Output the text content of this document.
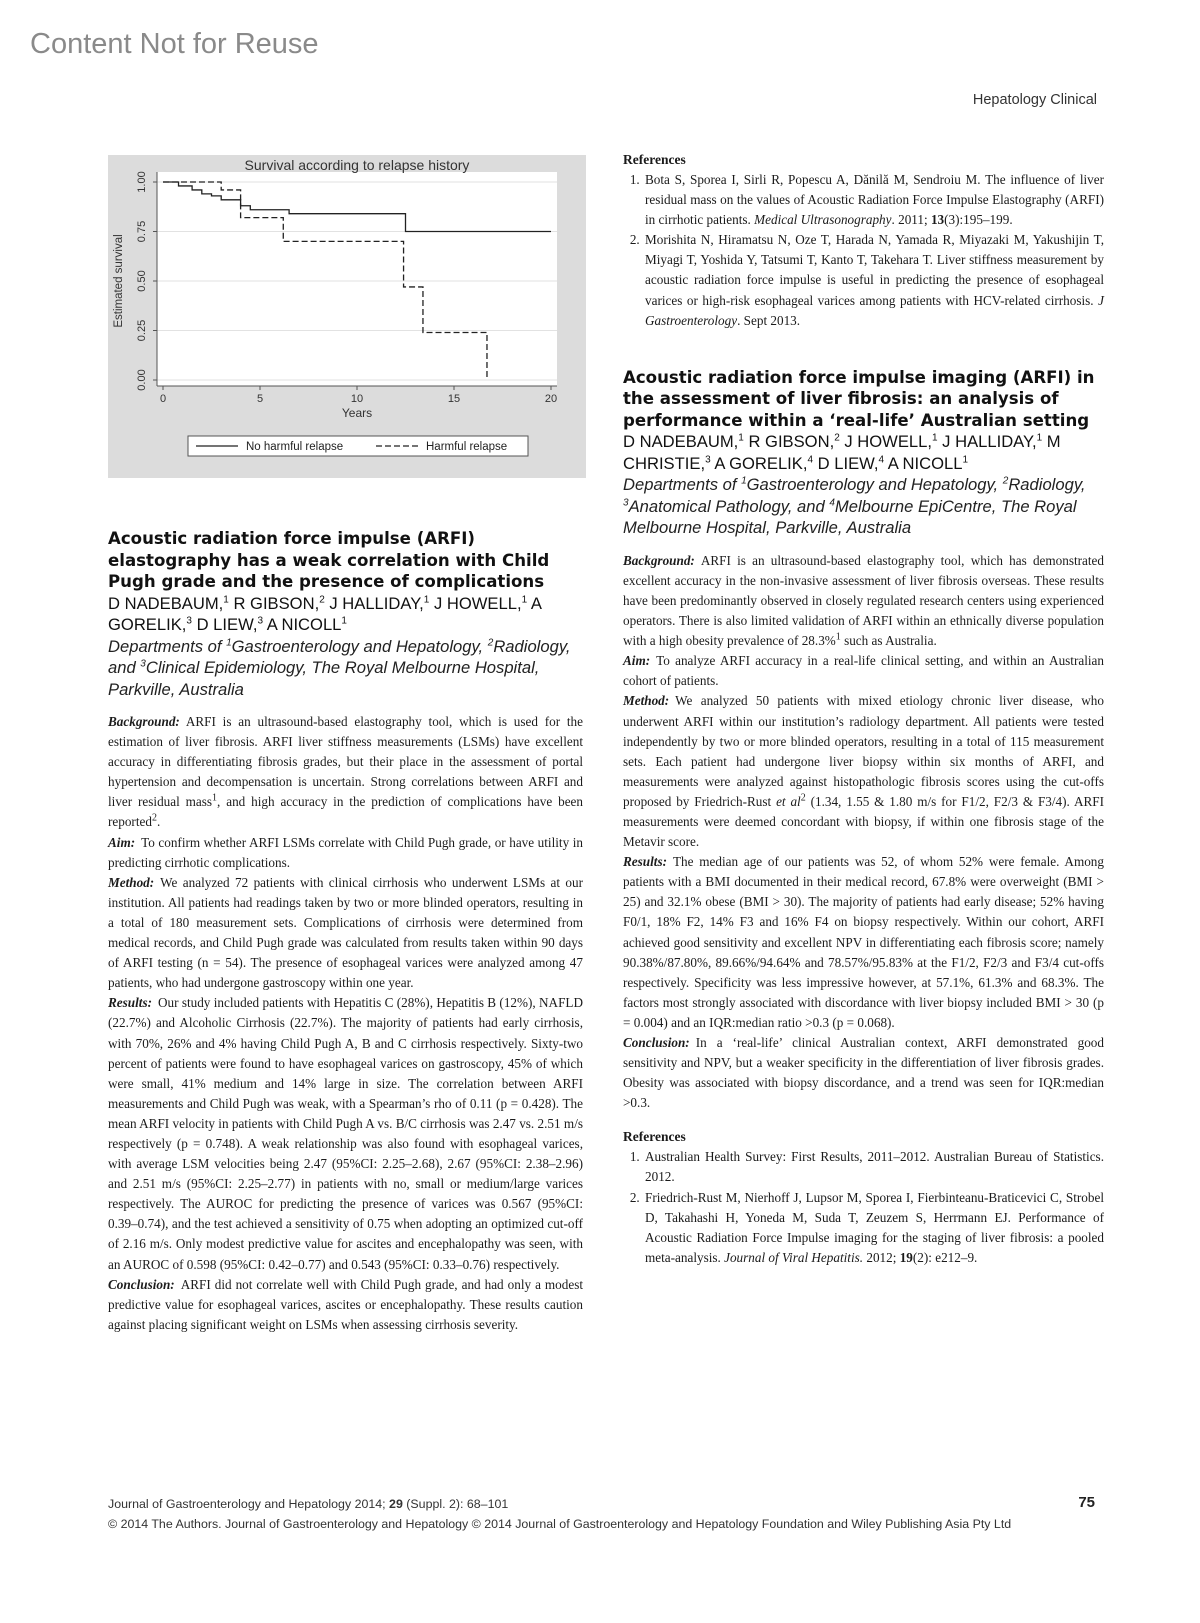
Content Not for Reuse
Hepatology Clinical
0.00
0.25
0.50
0.75
1.00
0	5	10	15	20
Survival according to relapse history
Years
Estimated survival
No harmful relapse	Harmful relapse
Acoustic radiation force impulse (ARFI) elastography has a weak correlation with Child Pugh grade and the presence of complications
D NADEBAUM,$^1$ R GIBSON,$^2$ J HALLIDAY,$^1$ J HOWELL,$^1$ A GORELIK,$^3$ D LIEW,$^3$ A NICOLL$^1$
Departments of $^1$Gastroenterology and Hepatology, $^2$Radiology, and $^3$Clinical Epidemiology, The Royal Melbourne Hospital, Parkville, Australia

Background: ARFI is an ultrasound-based elastography tool, which is used for the estimation of liver fibrosis. ARFI liver stiffness measurements (LSMs) have excellent accuracy in differentiating fibrosis grades, but their place in the assessment of portal hypertension and decompensation is uncertain. Strong correlations between ARFI and liver residual mass$^1$, and high accuracy in the prediction of complications have been reported$^2$.

Aim: To confirm whether ARFI LSMs correlate with Child Pugh grade, or have utility in predicting cirrhotic complications.

Method: We analyzed 72 patients with clinical cirrhosis who underwent LSMs at our institution. All patients had readings taken by two or more blinded operators, resulting in a total of 180 measurement sets. Complications of cirrhosis were determined from medical records, and Child Pugh grade was calculated from results taken within 90 days of ARFI testing (n = 54). The presence of esophageal varices were analyzed among 47 patients, who had undergone gastroscopy within one year.

Results: Our study included patients with Hepatitis C (28%), Hepatitis B (12%), NAFLD (22.7%) and Alcoholic Cirrhosis (22.7%). The majority of patients had early cirrhosis, with 70%, 26% and 4% having Child Pugh A, B and C cirrhosis respectively. Sixty-two percent of patients were found to have esophageal varices on gastroscopy, 45% of which were small, 41% medium and 14% large in size. The correlation between ARFI measurements and Child Pugh was weak, with a Spearman’s rho of 0.11 (p = 0.428). The mean ARFI velocity in patients with Child Pugh A vs. B/C cirrhosis was 2.47 vs. 2.51 m/s respectively (p = 0.748). A weak relationship was also found with esophageal varices, with average LSM velocities being 2.47 (95%CI: 2.25–2.68), 2.67 (95%CI: 2.38–2.96) and 2.51 m/s (95%CI: 2.25–2.77) in patients with no, small or medium/large varices respectively. The AUROC for predicting the presence of varices was 0.567 (95%CI: 0.39–0.74), and the test achieved a sensitivity of 0.75 when adopting an optimized cut-off of 2.16 m/s. Only modest predictive value for ascites and encephalopathy was seen, with an AUROC of 0.598 (95%CI: 0.42–0.77) and 0.543 (95%CI: 0.33–0.76) respectively.

Conclusion: ARFI did not correlate well with Child Pugh grade, and had only a modest predictive value for esophageal varices, ascites or encephalopathy. These results caution against placing significant weight on LSMs when assessing cirrhosis severity.

References

1. Bota S, Sporea I, Sirli R, Popescu A, Dănilă M, Sendroiu M. The influence of liver residual mass on the values of Acoustic Radiation Force Impulse Elastography (ARFI) in cirrhotic patients. Medical Ultrasonography. 2011; 13(3):195–199.
2. Morishita N, Hiramatsu N, Oze T, Harada N, Yamada R, Miyazaki M, Yakushijin T, Miyagi T, Yoshida Y, Tatsumi T, Kanto T, Takehara T. Liver stiffness measurement by acoustic radiation force impulse is useful in predicting the presence of esophageal varices or high-risk esophageal varices among patients with HCV-related cirrhosis. J Gastroenterology. Sept 2013.
Acoustic radiation force impulse imaging (ARFI) in the assessment of liver fibrosis: an analysis of performance within a ‘real-life’ Australian setting
D NADEBAUM,$^1$ R GIBSON,$^2$ J HOWELL,$^1$ J HALLIDAY,$^1$ M CHRISTIE,$^3$ A GORELIK,$^4$ D LIEW,$^4$ A NICOLL$^1$
Departments of $^1$Gastroenterology and Hepatology, $^2$Radiology, $^3$Anatomical Pathology, and $^4$Melbourne EpiCentre, The Royal Melbourne Hospital, Parkville, Australia

Background: ARFI is an ultrasound-based elastography tool, which has demonstrated excellent accuracy in the non-invasive assessment of liver fibrosis overseas. These results have been predominantly observed in closely regulated research centers using experienced operators. There is also limited validation of ARFI within an ethnically diverse population with a high obesity prevalence of 28.3%$^1$ such as Australia.

Aim: To analyze ARFI accuracy in a real-life clinical setting, and within an Australian cohort of patients.

Method: We analyzed 50 patients with mixed etiology chronic liver disease, who underwent ARFI within our institution’s radiology department. All patients were tested independently by two or more blinded operators, resulting in a total of 115 measurement sets. Each patient had undergone liver biopsy within six months of ARFI, and measurements were analyzed against histopathologic fibrosis scores using the cut-offs proposed by Friedrich-Rust et $al^2$ (1.34, 1.55 & 1.80 m/s for F1/2, F2/3 & F3/4). ARFI measurements were deemed concordant with biopsy, if within one fibrosis stage of the Metavir score.

Results: The median age of our patients was 52, of whom 52% were female. Among patients with a BMI documented in their medical record, 67.8% were overweight (BMI > 25) and 32.1% obese (BMI > 30). The majority of patients had early disease; 52% having F0/1, 18% F2, 14% F3 and 16% F4 on biopsy respectively. Within our cohort, ARFI achieved good sensitivity and excellent NPV in differentiating each fibrosis score; namely 90.38%/87.80%, 89.66%/94.64% and 78.57%/95.83% at the F1/2, F2/3 and F3/4 cut-offs respectively. Specificity was less impressive however, at 57.1%, 61.3% and 68.3%. The factors most strongly associated with discordance with liver biopsy included BMI > 30 (p = 0.004) and an IQR:median ratio >0.3 (p = 0.068).

Conclusion: In a ‘real-life’ clinical Australian context, ARFI demonstrated good sensitivity and NPV, but a weaker specificity in the differentiation of liver fibrosis grades. Obesity was associated with biopsy discordance, and a trend was seen for IQR:median >0.3.

References

1. Australian Health Survey: First Results, 2011–2012. Australian Bureau of Statistics. 2012.
2. Friedrich-Rust M, Nierhoff J, Lupsor M, Sporea I, Fierbinteanu-Braticevici C, Strobel D, Takahashi H, Yoneda M, Suda T, Zeuzem S, Herrmann EJ. Performance of Acoustic Radiation Force Impulse imaging for the staging of liver fibrosis: a pooled meta-analysis. Journal of Viral Hepatitis. 2012; 19(2): e212–9.
Journal of Gastroenterology and Hepatology 2014; 29 (Suppl. 2): 68–101	75
© 2014 The Authors. Journal of Gastroenterology and Hepatology © 2014 Journal of Gastroenterology and Hepatology Foundation and Wiley Publishing Asia Pty Ltd
